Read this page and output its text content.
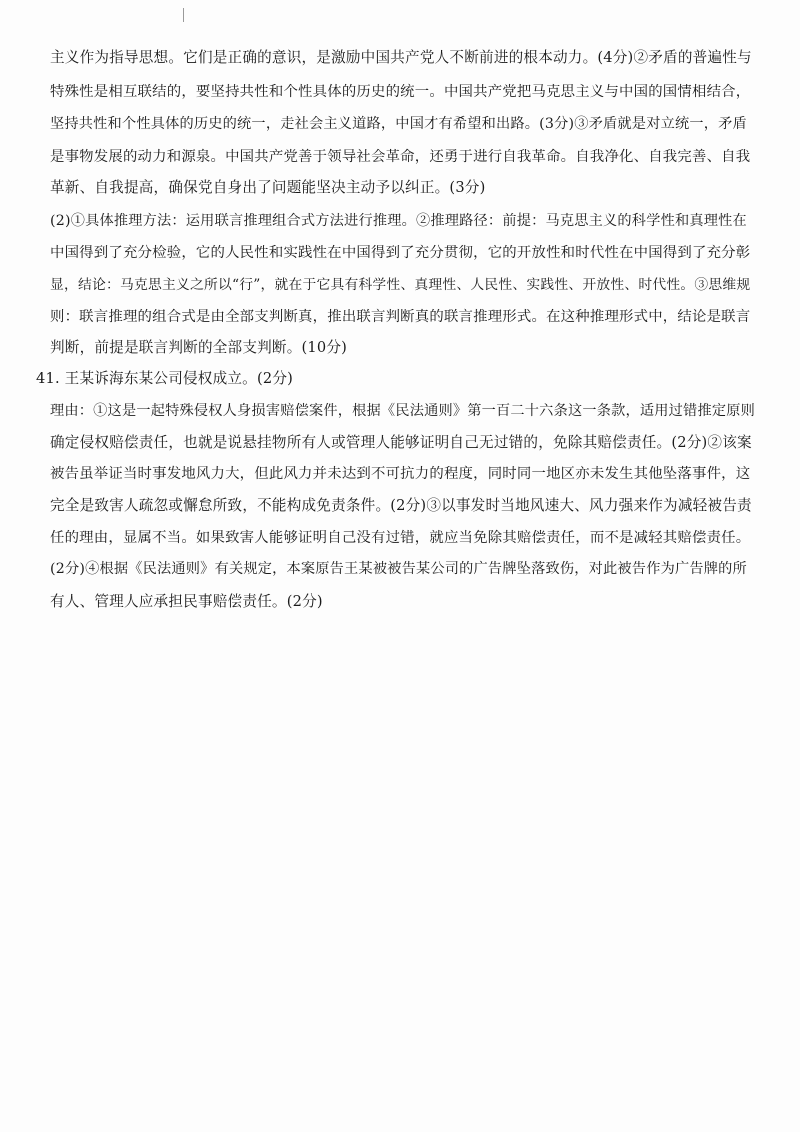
主义作为指导思想。它们是正确的意识，是激励中国共产党人不断前进的根本动力。(4分)②矛盾的普遍性与
特殊性是相互联结的，要坚持共性和个性具体的历史的统一。中国共产党把马克思主义与中国的国情相结合，
坚持共性和个性具体的历史的统一，走社会主义道路，中国才有希望和出路。(3分)③矛盾就是对立统一，矛盾
是事物发展的动力和源泉。中国共产党善于领导社会革命，还勇于进行自我革命。自我净化、自我完善、自我
革新、自我提高，确保党自身出了问题能坚决主动予以纠正。(3分)
(2)①具体推理方法：运用联言推理组合式方法进行推理。②推理路径：前提：马克思主义的科学性和真理性在
中国得到了充分检验，它的人民性和实践性在中国得到了充分贯彻，它的开放性和时代性在中国得到了充分彰
显，结论：马克思主义之所以“行”，就在于它具有科学性、真理性、人民性、实践性、开放性、时代性。③思维规
则：联言推理的组合式是由全部支判断真，推出联言判断真的联言推理形式。在这种推理形式中，结论是联言
判断，前提是联言判断的全部支判断。(10分)
41. 王某诉海东某公司侵权成立。(2分)
理由：①这是一起特殊侵权人身损害赔偿案件，根据《民法通则》第一百二十六条这一条款，适用过错推定原则
确定侵权赔偿责任，也就是说悬挂物所有人或管理人能够证明自己无过错的，免除其赔偿责任。(2分)②该案
被告虽举证当时事发地风力大，但此风力并未达到不可抗力的程度，同时同一地区亦未发生其他坠落事件，这
完全是致害人疏忽或懈怠所致，不能构成免责条件。(2分)③以事发时当地风速大、风力强来作为减轻被告责
任的理由，显属不当。如果致害人能够证明自己没有过错，就应当免除其赔偿责任，而不是减轻其赔偿责任。
(2分)④根据《民法通则》有关规定，本案原告王某被被告某公司的广告牌坠落致伤，对此被告作为广告牌的所
有人、管理人应承担民事赔偿责任。(2分)
